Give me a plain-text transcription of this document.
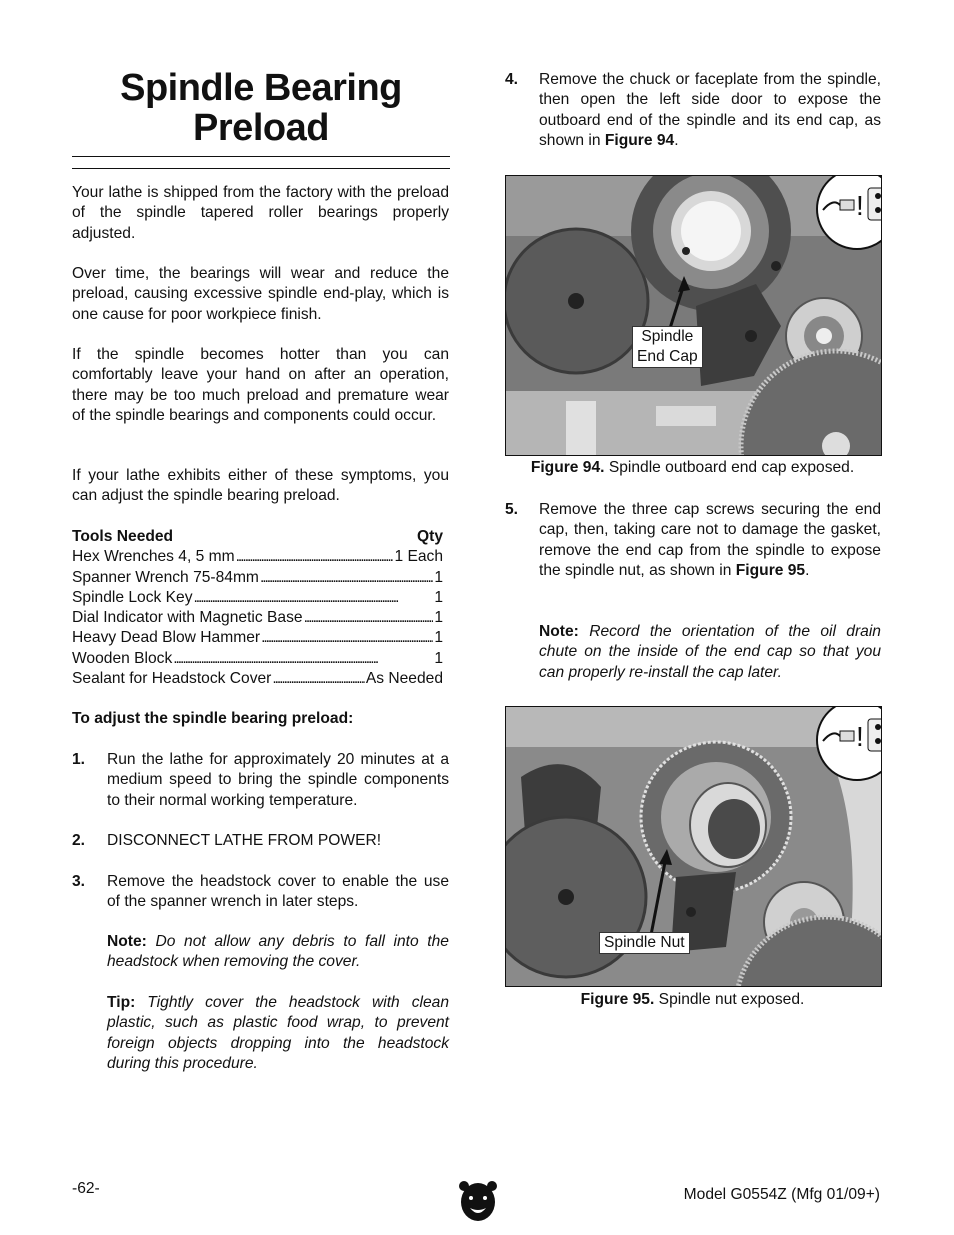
Spindle Bearing
Preload
Your lathe is shipped from the factory with the preload of the spindle tapered roller bearings properly adjusted.
Over time, the bearings will wear and reduce the preload, causing excessive spindle end-play, which is one cause for poor workpiece finish.
If the spindle becomes hotter than you can comfortably leave your hand on after an operation, there may be too much preload and premature wear of the spindle bearings and components could occur.
If your lathe exhibits either of these symptoms, you can adjust the spindle bearing preload.
Tools Needed	Qty
Hex Wrenches 4, 5 mm . . .	1 Each
Spanner Wrench 75-84mm . . .	1
Spindle Lock Key . . .	1
Dial Indicator with Magnetic Base . . .	1
Heavy Dead Blow Hammer . . .	1
Wooden Block . . .	1
Sealant for Headstock Cover . . .	As Needed
To adjust the spindle bearing preload:
1. Run the lathe for approximately 20 minutes at a medium speed to bring the spindle components to their normal working temperature.
2. DISCONNECT LATHE FROM POWER!
3. Remove the headstock cover to enable the use of the spanner wrench in later steps.
Note: Do not allow any debris to fall into the headstock when removing the cover.
Tip: Tightly cover the headstock with clean plastic, such as plastic food wrap, to prevent foreign objects dropping into the headstock during this procedure.
4. Remove the chuck or faceplate from the spindle, then open the left side door to expose the outboard end of the spindle and its end cap, as shown in Figure 94.
Spindle
End Cap
!
Figure 94. Spindle outboard end cap exposed.
5. Remove the three cap screws securing the end cap, then, taking care not to damage the gasket, remove the end cap from the spindle to expose the spindle nut, as shown in Figure 95.
Note: Record the orientation of the oil drain chute on the inside of the end cap so that you can properly re-install the cap later.
Spindle Nut
!
Figure 95. Spindle nut exposed.
-62-	Model G0554Z (Mfg 01/09+)
